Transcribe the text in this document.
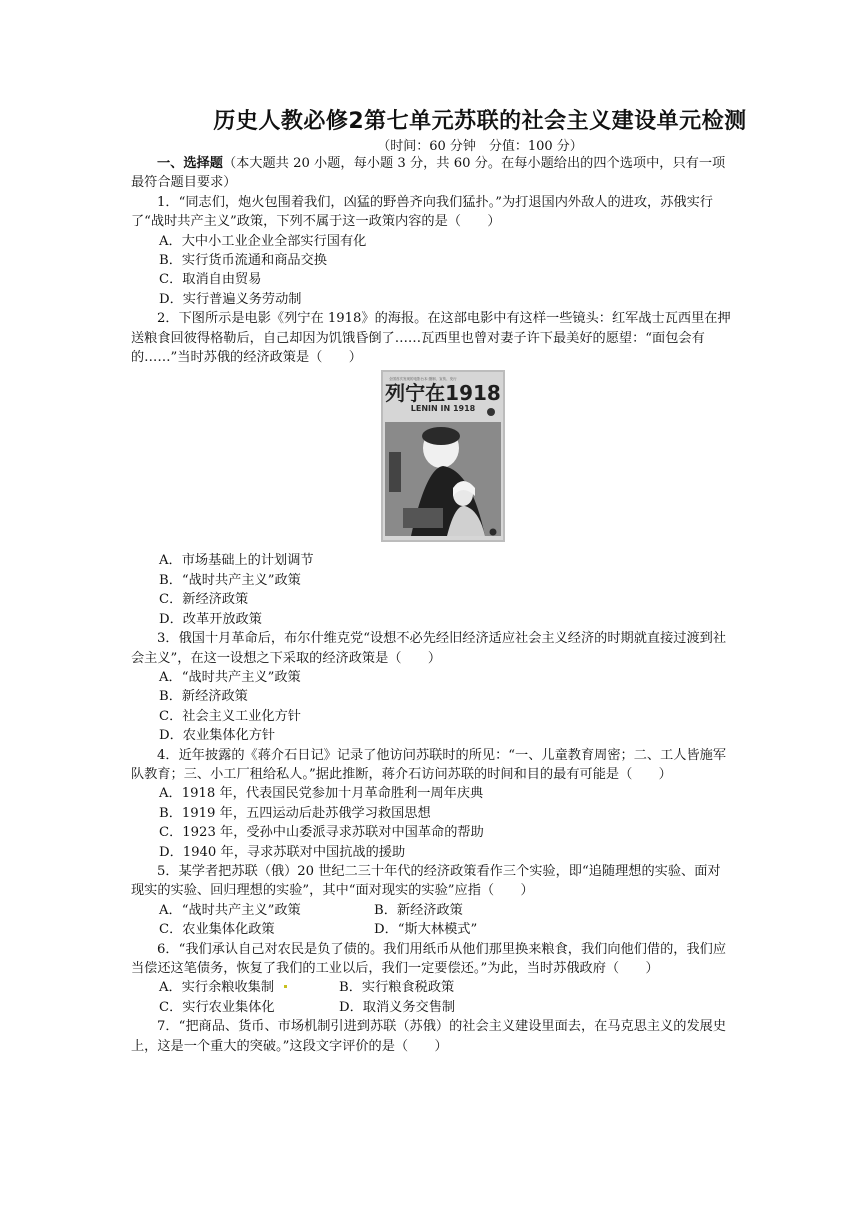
历史人教必修2第七单元苏联的社会主义建设单元检测
（时间：60 分钟　分值：100 分）

一、选择题（本大题共 20 小题，每小题 3 分，共 60 分。在每小题给出的四个选项中，只有一项最符合题目要求）

1．“同志们，炮火包围着我们，凶猛的野兽齐向我们猛扑。”为打退国内外敌人的进攻，苏俄实行了“战时共产主义”政策，下列不属于这一政策内容的是（　　）

A．大中小工业企业全部实行国有化

B．实行货币流通和商品交换

C．取消自由贸易

D．实行普遍义务劳动制

2．下图所示是电影《列宁在 1918》的海报。在这部电影中有这样一些镜头：红军战士瓦西里在押送粮食回彼得格勒后，自己却因为饥饿昏倒了……瓦西里也曾对妻子许下最美好的愿望：“面包会有的……”当时苏俄的经济政策是（　　）

全国首次发现的电影台本·摄制、宣传、发行
列宁在1918
LENIN IN 1918

A．市场基础上的计划调节

B．“战时共产主义”政策

C．新经济政策

D．改革开放政策

3．俄国十月革命后，布尔什维克党“设想不必先经旧经济适应社会主义经济的时期就直接过渡到社会主义”，在这一设想之下采取的经济政策是（　　）

A．“战时共产主义”政策

B．新经济政策

C．社会主义工业化方针

D．农业集体化方针

4．近年披露的《蒋介石日记》记录了他访问苏联时的所见：“一、儿童教育周密；二、工人皆施军队教育；三、小工厂租给私人。”据此推断，蒋介石访问苏联的时间和目的最有可能是（　　）

A．1918 年，代表国民党参加十月革命胜利一周年庆典

B．1919 年，五四运动后赴苏俄学习救国思想

C．1923 年，受孙中山委派寻求苏联对中国革命的帮助

D．1940 年，寻求苏联对中国抗战的援助

5．某学者把苏联（俄）20 世纪二三十年代的经济政策看作三个实验，即“追随理想的实验、面对现实的实验、回归理想的实验”，其中“面对现实的实验”应指（　　）

A．“战时共产主义”政策	B．新经济政策
C．农业集体化政策	D．“斯大林模式”

6．“我们承认自己对农民是负了债的。我们用纸币从他们那里换来粮食，我们向他们借的，我们应当偿还这笔债务，恢复了我们的工业以后，我们一定要偿还。”为此，当时苏俄政府（　　）

A．实行余粮收集制	B．实行粮食税政策
C．实行农业集体化	D．取消义务交售制

7．“把商品、货币、市场机制引进到苏联（苏俄）的社会主义建设里面去，在马克思主义的发展史上，这是一个重大的突破。”这段文字评价的是（　　）
